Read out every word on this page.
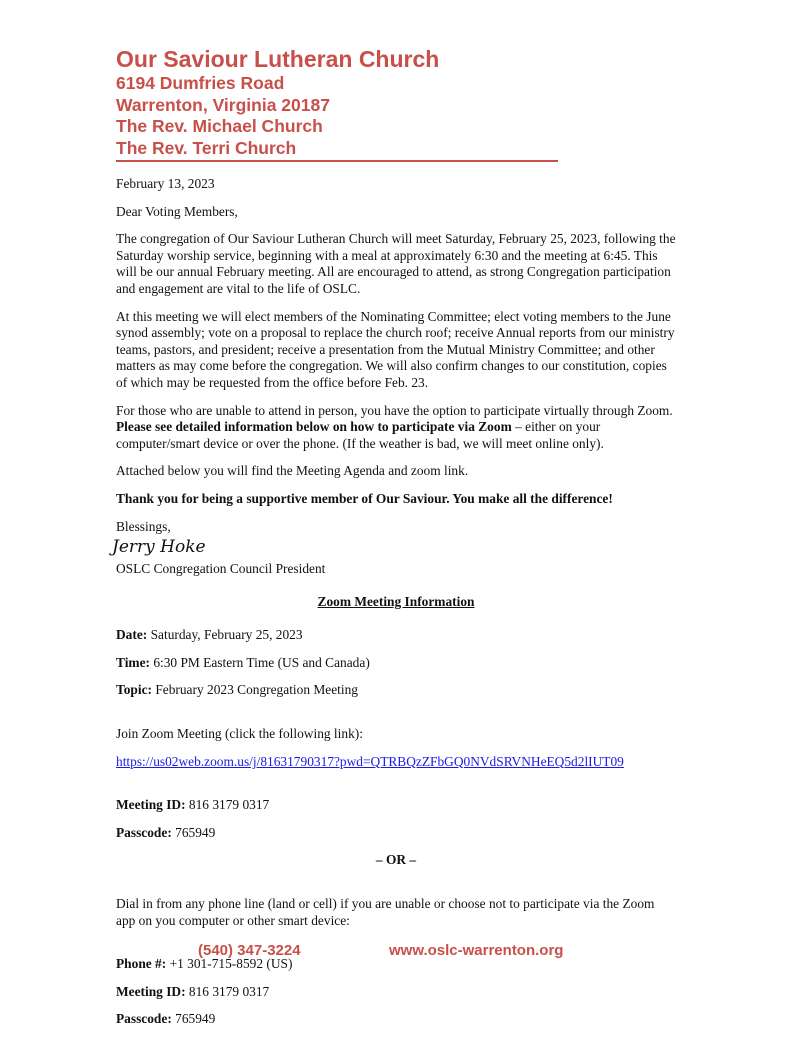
Our Saviour Lutheran Church
6194 Dumfries Road
Warrenton, Virginia 20187
The Rev. Michael Church
The Rev. Terri Church

February 13, 2023

Dear Voting Members,

The congregation of Our Saviour Lutheran Church will meet Saturday, February 25, 2023, following the Saturday worship service, beginning with a meal at approximately 6:30 and the meeting at 6:45. This will be our annual February meeting. All are encouraged to attend, as strong Congregation participation and engagement are vital to the life of OSLC.

At this meeting we will elect members of the Nominating Committee; elect voting members to the June synod assembly; vote on a proposal to replace the church roof; receive Annual reports from our ministry teams, pastors, and president; receive a presentation from the Mutual Ministry Committee; and other matters as may come before the congregation. We will also confirm changes to our constitution, copies of which may be requested from the office before Feb. 23.

For those who are unable to attend in person, you have the option to participate virtually through Zoom. Please see detailed information below on how to participate via Zoom – either on your computer/smart device or over the phone. (If the weather is bad, we will meet online only).

Attached below you will find the Meeting Agenda and zoom link.

Thank you for being a supportive member of Our Saviour. You make all the difference!

Blessings,

Jerry Hoke

OSLC Congregation Council President

Zoom Meeting Information

Date: Saturday, February 25, 2023

Time: 6:30 PM Eastern Time (US and Canada)

Topic: February 2023 Congregation Meeting

Join Zoom Meeting (click the following link):

https://us02web.zoom.us/j/81631790317?pwd=QTRBQzZFbGQ0NVdSRVNHeEQ5d2lIUT09

Meeting ID: 816 3179 0317

Passcode: 765949

– OR –

Dial in from any phone line (land or cell) if you are unable or choose not to participate via the Zoom app on you computer or other smart device:

Phone #: +1 301-715-8592 (US)

Meeting ID: 816 3179 0317

Passcode: 765949

(540) 347-3224	www.oslc-warrenton.org
